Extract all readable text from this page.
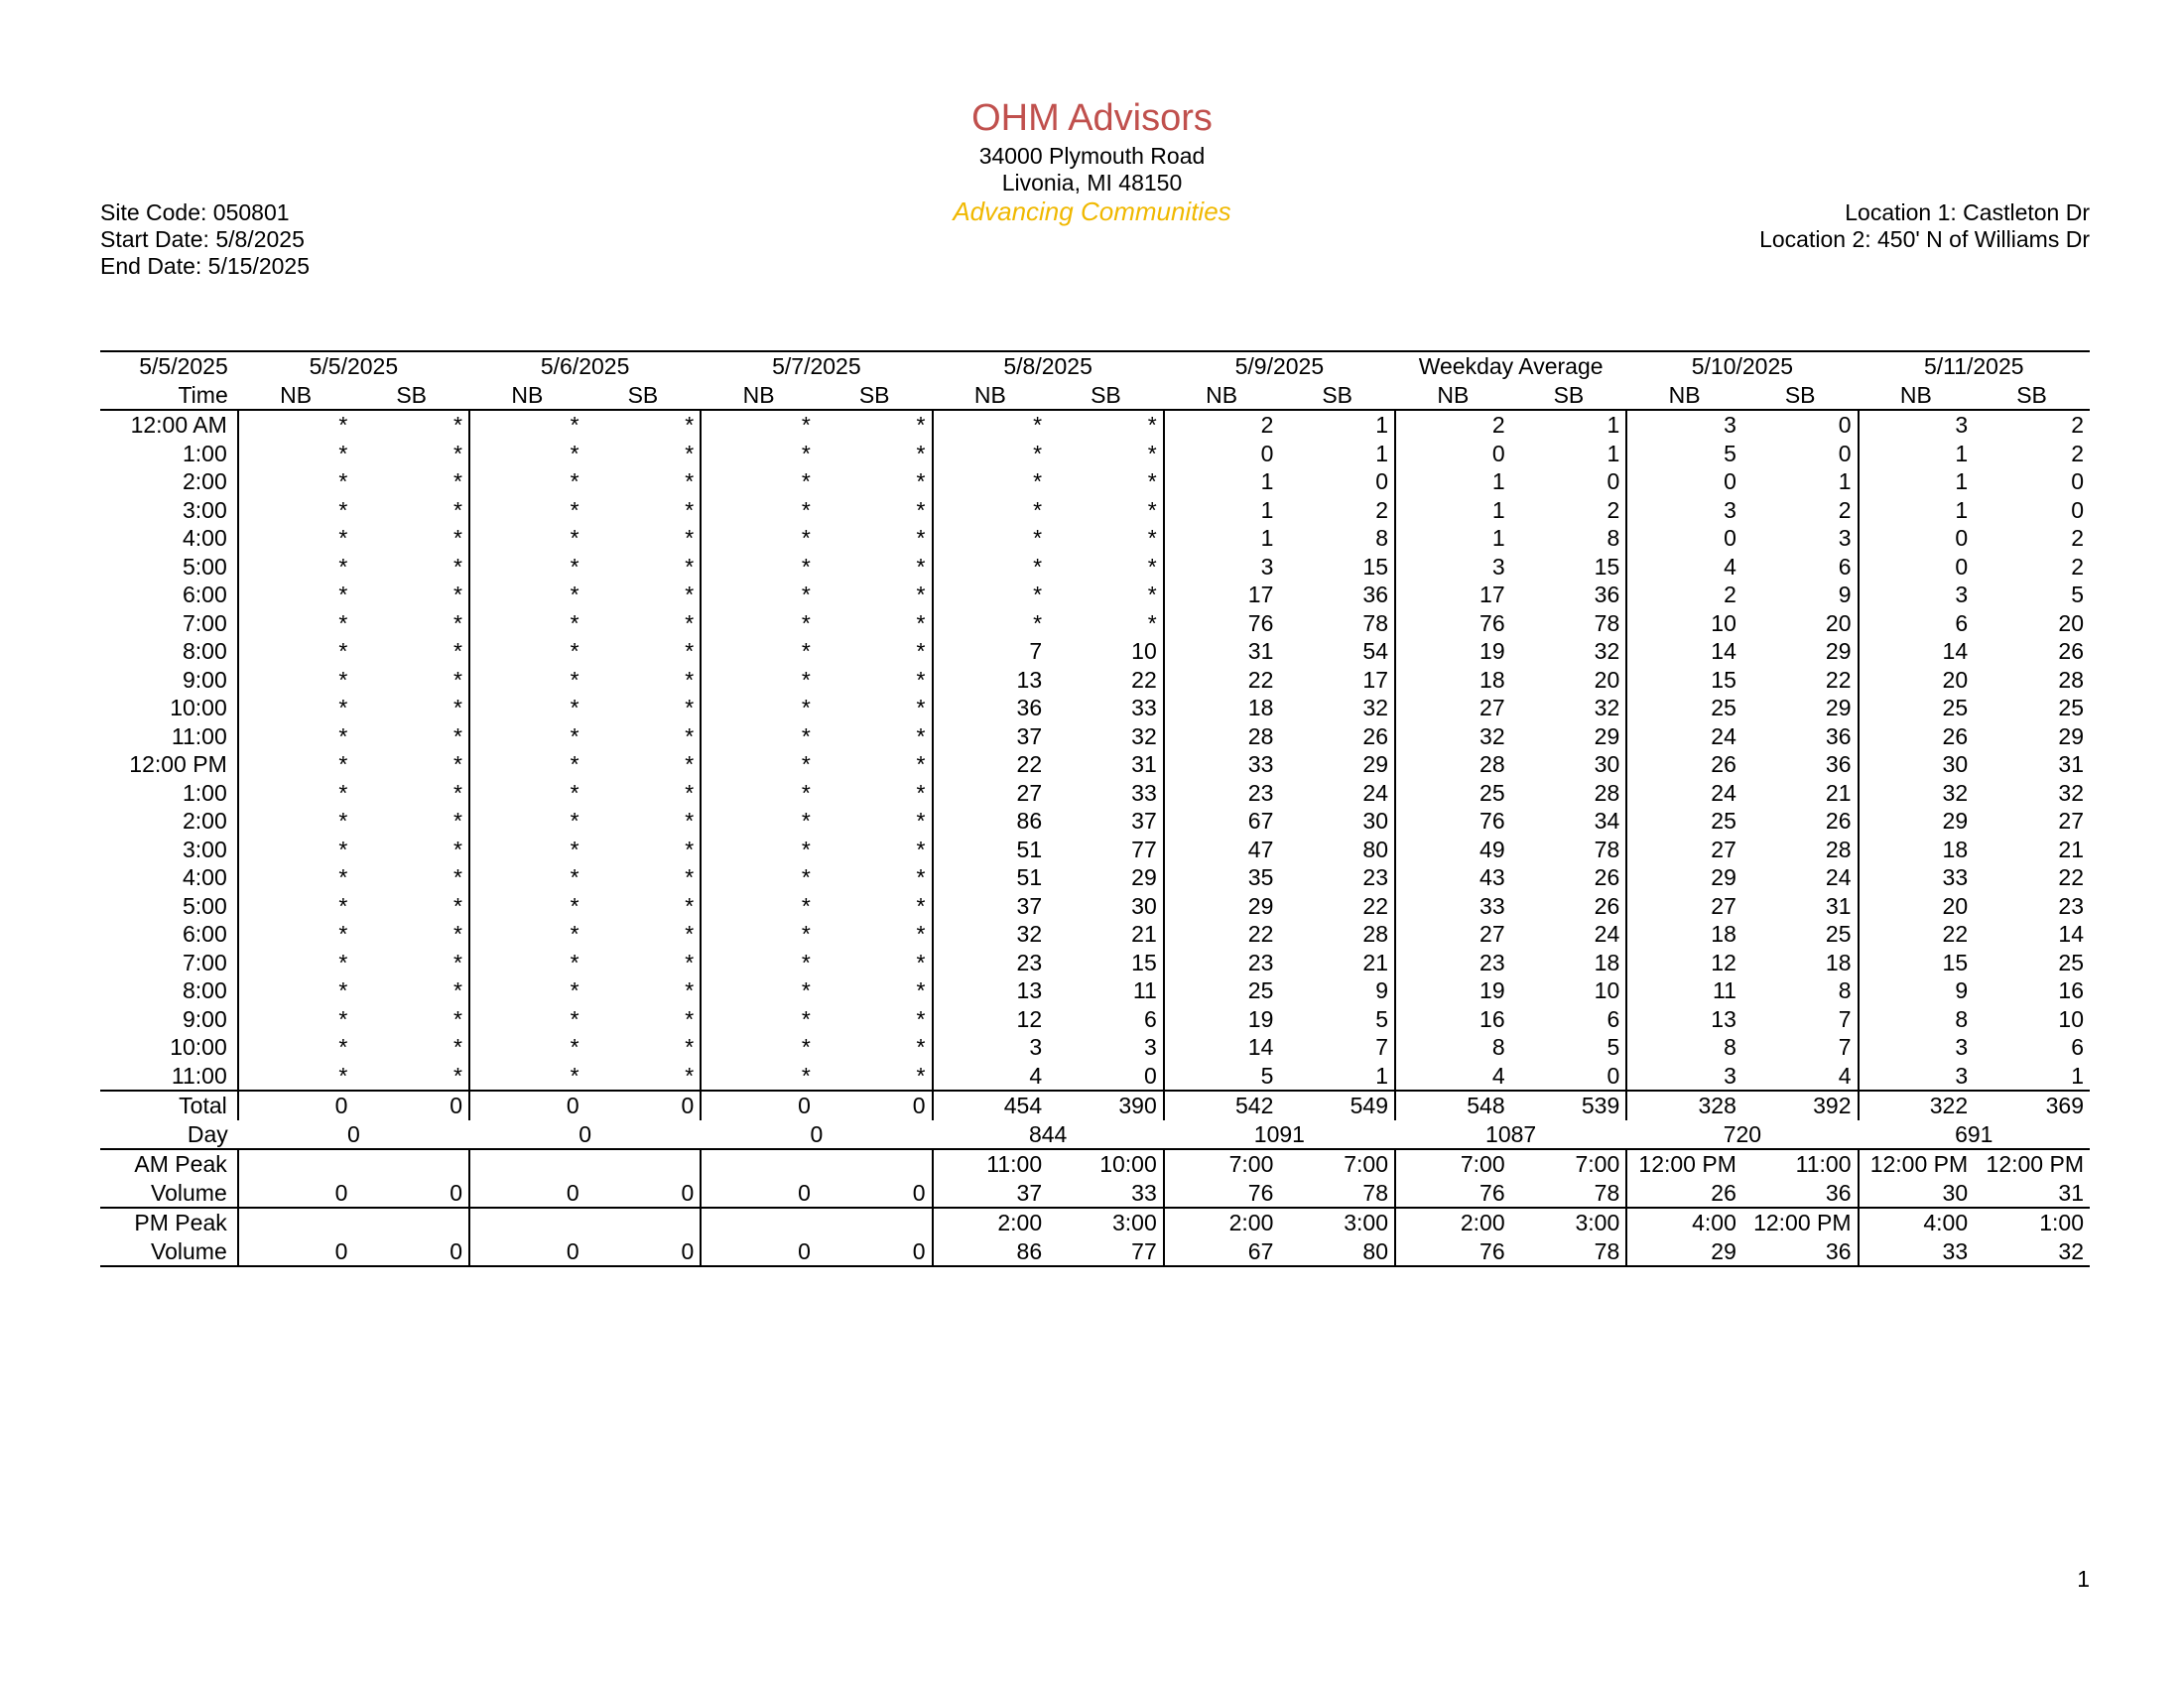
OHM Advisors
34000 Plymouth Road
Livonia, MI 48150
Advancing Communities
Site Code: 050801
Start Date: 5/8/2025
End Date: 5/15/2025
Location 1: Castleton Dr
Location 2: 450' N of Williams Dr
5/5/2025	5/5/2025		5/6/2025		5/7/2025		5/8/2025		5/9/2025		Weekday Average		5/10/2025		5/11/2025	
Time	NB	SB	NB	SB	NB	SB	NB	SB	NB	SB	NB	SB	NB	SB	NB	SB
12:00 AM	*	*	*	*	*	*	*	*	2	1	2	1	3	0	3	2
1:00	*	*	*	*	*	*	*	*	0	1	0	1	5	0	1	2
2:00	*	*	*	*	*	*	*	*	1	0	1	0	0	1	1	0
3:00	*	*	*	*	*	*	*	*	1	2	1	2	3	2	1	0
4:00	*	*	*	*	*	*	*	*	1	8	1	8	0	3	0	2
5:00	*	*	*	*	*	*	*	*	3	15	3	15	4	6	0	2
6:00	*	*	*	*	*	*	*	*	17	36	17	36	2	9	3	5
7:00	*	*	*	*	*	*	*	*	76	78	76	78	10	20	6	20
8:00	*	*	*	*	*	*	7	10	31	54	19	32	14	29	14	26
9:00	*	*	*	*	*	*	13	22	22	17	18	20	15	22	20	28
10:00	*	*	*	*	*	*	36	33	18	32	27	32	25	29	25	25
11:00	*	*	*	*	*	*	37	32	28	26	32	29	24	36	26	29
12:00 PM	*	*	*	*	*	*	22	31	33	29	28	30	26	36	30	31
1:00	*	*	*	*	*	*	27	33	23	24	25	28	24	21	32	32
2:00	*	*	*	*	*	*	86	37	67	30	76	34	25	26	29	27
3:00	*	*	*	*	*	*	51	77	47	80	49	78	27	28	18	21
4:00	*	*	*	*	*	*	51	29	35	23	43	26	29	24	33	22
5:00	*	*	*	*	*	*	37	30	29	22	33	26	27	31	20	23
6:00	*	*	*	*	*	*	32	21	22	28	27	24	18	25	22	14
7:00	*	*	*	*	*	*	23	15	23	21	23	18	12	18	15	25
8:00	*	*	*	*	*	*	13	11	25	9	19	10	11	8	9	16
9:00	*	*	*	*	*	*	12	6	19	5	16	6	13	7	8	10
10:00	*	*	*	*	*	*	3	3	14	7	8	5	8	7	3	6
11:00	*	*	*	*	*	*	4	0	5	1	4	0	3	4	3	1
Total	0	0	0	0	0	0	454	390	542	549	548	539	328	392	322	369
Day	0		0		0		844		1091		1087		720		691	
AM Peak							11:00	10:00	7:00	7:00	7:00	7:00	12:00 PM	11:00	12:00 PM	12:00 PM
Volume	0	0	0	0	0	0	37	33	76	78	76	78	26	36	30	31
PM Peak							2:00	3:00	2:00	3:00	2:00	3:00	4:00	12:00 PM	4:00	1:00
Volume	0	0	0	0	0	0	86	77	67	80	76	78	29	36	33	32
1
